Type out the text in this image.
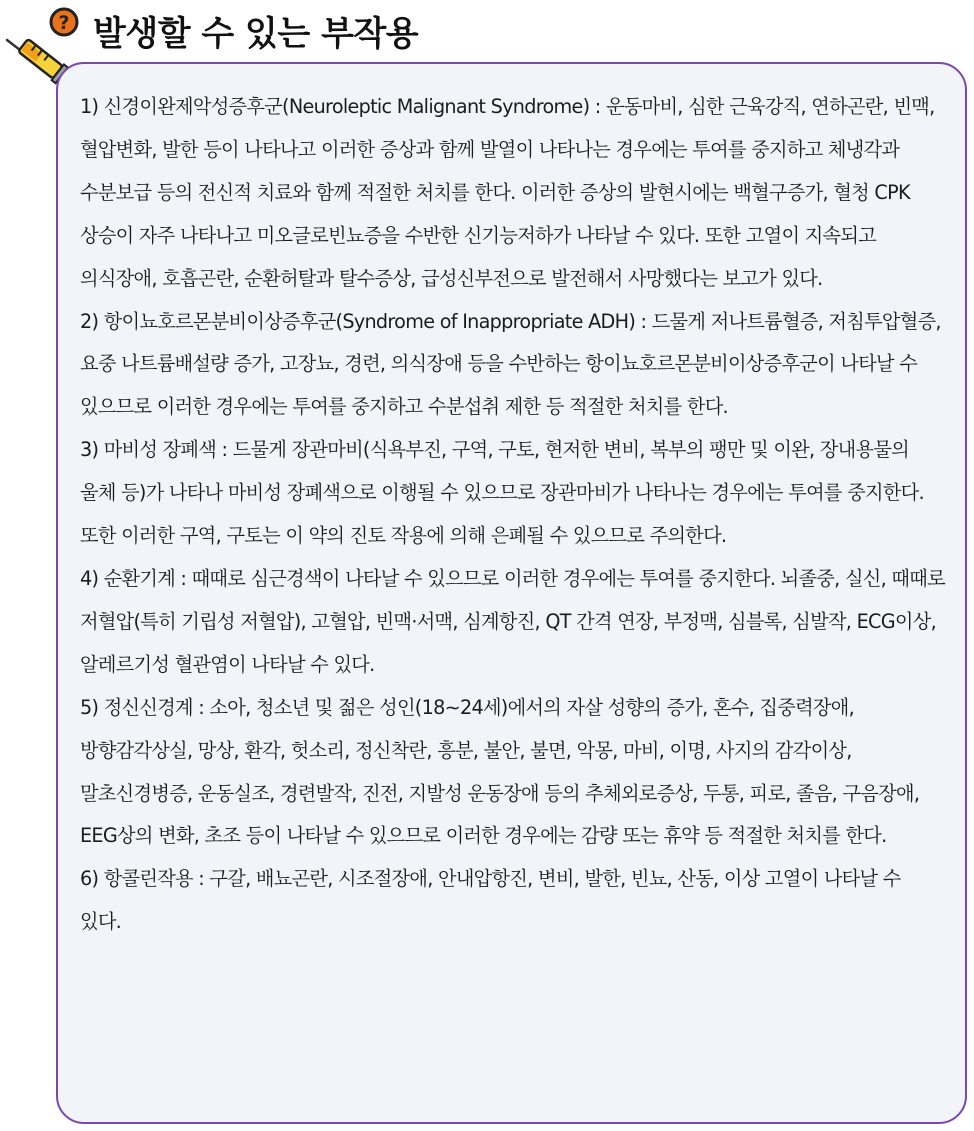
? 발생할 수 있는 부작용

1) 신경이완제악성증후군(Neuroleptic Malignant Syndrome) : 운동마비, 심한 근육강직, 연하곤란, 빈맥, 혈압변화, 발한 등이 나타나고 이러한 증상과 함께 발열이 나타나는 경우에는 투여를 중지하고 체냉각과 수분보급 등의 전신적 치료와 함께 적절한 처치를 한다. 이러한 증상의 발현시에는 백혈구증가, 혈청 CPK 상승이 자주 나타나고 미오글로빈뇨증을 수반한 신기능저하가 나타날 수 있다. 또한 고열이 지속되고 의식장애, 호흡곤란, 순환허탈과 탈수증상, 급성신부전으로 발전해서 사망했다는 보고가 있다.

2) 항이뇨호르몬분비이상증후군(Syndrome of Inappropriate ADH) : 드물게 저나트륨혈증, 저침투압혈증, 요중 나트륨배설량 증가, 고장뇨, 경련, 의식장애 등을 수반하는 항이뇨호르몬분비이상증후군이 나타날 수 있으므로 이러한 경우에는 투여를 중지하고 수분섭취 제한 등 적절한 처치를 한다.

3) 마비성 장폐색 : 드물게 장관마비(식욕부진, 구역, 구토, 현저한 변비, 복부의 팽만 및 이완, 장내용물의 울체 등)가 나타나 마비성 장폐색으로 이행될 수 있으므로 장관마비가 나타나는 경우에는 투여를 중지한다. 또한 이러한 구역, 구토는 이 약의 진토 작용에 의해 은폐될 수 있으므로 주의한다.

4) 순환기계 : 때때로 심근경색이 나타날 수 있으므로 이러한 경우에는 투여를 중지한다. 뇌졸중, 실신, 때때로 저혈압(특히 기립성 저혈압), 고혈압, 빈맥·서맥, 심계항진, QT 간격 연장, 부정맥, 심블록, 심발작, ECG이상, 알레르기성 혈관염이 나타날 수 있다.

5) 정신신경계 : 소아, 청소년 및 젊은 성인(18∼24세)에서의 자살 성향의 증가, 혼수, 집중력장애, 방향감각상실, 망상, 환각, 헛소리, 정신착란, 흥분, 불안, 불면, 악몽, 마비, 이명, 사지의 감각이상, 말초신경병증, 운동실조, 경련발작, 진전, 지발성 운동장애 등의 추체외로증상, 두통, 피로, 졸음, 구음장애, EEG상의 변화, 초조 등이 나타날 수 있으므로 이러한 경우에는 감량 또는 휴약 등 적절한 처치를 한다.

6) 항콜린작용 : 구갈, 배뇨곤란, 시조절장애, 안내압항진, 변비, 발한, 빈뇨, 산동, 이상 고열이 나타날 수 있다.
